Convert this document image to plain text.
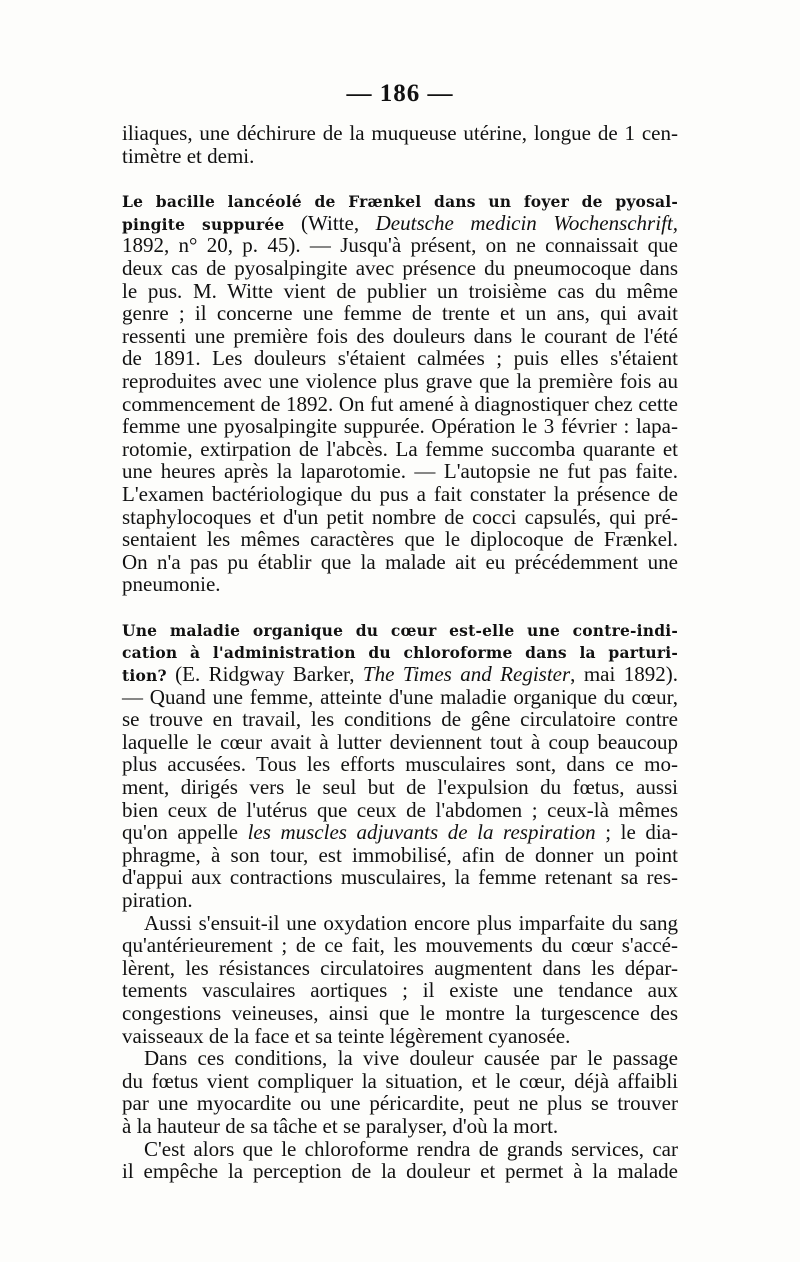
— 186 —
iliaques, une déchirure de la muqueuse utérine, longue de 1 cen-
timètre et demi.
Le bacille lancéolé de Frænkel dans un foyer de pyosal-
pingite suppurée (Witte, Deutsche medicin Wochenschrift,
1892, n° 20, p. 45). — Jusqu'à présent, on ne connaissait que
deux cas de pyosalpingite avec présence du pneumocoque dans
le pus. M. Witte vient de publier un troisième cas du même
genre ; il concerne une femme de trente et un ans, qui avait
ressenti une première fois des douleurs dans le courant de l'été
de 1891. Les douleurs s'étaient calmées ; puis elles s'étaient
reproduites avec une violence plus grave que la première fois au
commencement de 1892. On fut amené à diagnostiquer chez cette
femme une pyosalpingite suppurée. Opération le 3 février : lapa-
rotomie, extirpation de l'abcès. La femme succomba quarante et
une heures après la laparotomie. — L'autopsie ne fut pas faite.
L'examen bactériologique du pus a fait constater la présence de
staphylocoques et d'un petit nombre de cocci capsulés, qui pré-
sentaient les mêmes caractères que le diplocoque de Frænkel.
On n'a pas pu établir que la malade ait eu précédemment une
pneumonie.
Une maladie organique du cœur est-elle une contre-indi-
cation à l'administration du chloroforme dans la parturi-
tion? (E. Ridgway Barker, The Times and Register, mai 1892).
— Quand une femme, atteinte d'une maladie organique du cœur,
se trouve en travail, les conditions de gêne circulatoire contre
laquelle le cœur avait à lutter deviennent tout à coup beaucoup
plus accusées. Tous les efforts musculaires sont, dans ce mo-
ment, dirigés vers le seul but de l'expulsion du fœtus, aussi
bien ceux de l'utérus que ceux de l'abdomen ; ceux-là mêmes
qu'on appelle les muscles adjuvants de la respiration ; le dia-
phragme, à son tour, est immobilisé, afin de donner un point
d'appui aux contractions musculaires, la femme retenant sa res-
piration.
Aussi s'ensuit-il une oxydation encore plus imparfaite du sang
qu'antérieurement ; de ce fait, les mouvements du cœur s'accé-
lèrent, les résistances circulatoires augmentent dans les dépar-
tements vasculaires aortiques ; il existe une tendance aux
congestions veineuses, ainsi que le montre la turgescence des
vaisseaux de la face et sa teinte légèrement cyanosée.
Dans ces conditions, la vive douleur causée par le passage
du fœtus vient compliquer la situation, et le cœur, déjà affaibli
par une myocardite ou une péricardite, peut ne plus se trouver
à la hauteur de sa tâche et se paralyser, d'où la mort.
C'est alors que le chloroforme rendra de grands services, car
il empêche la perception de la douleur et permet à la malade
